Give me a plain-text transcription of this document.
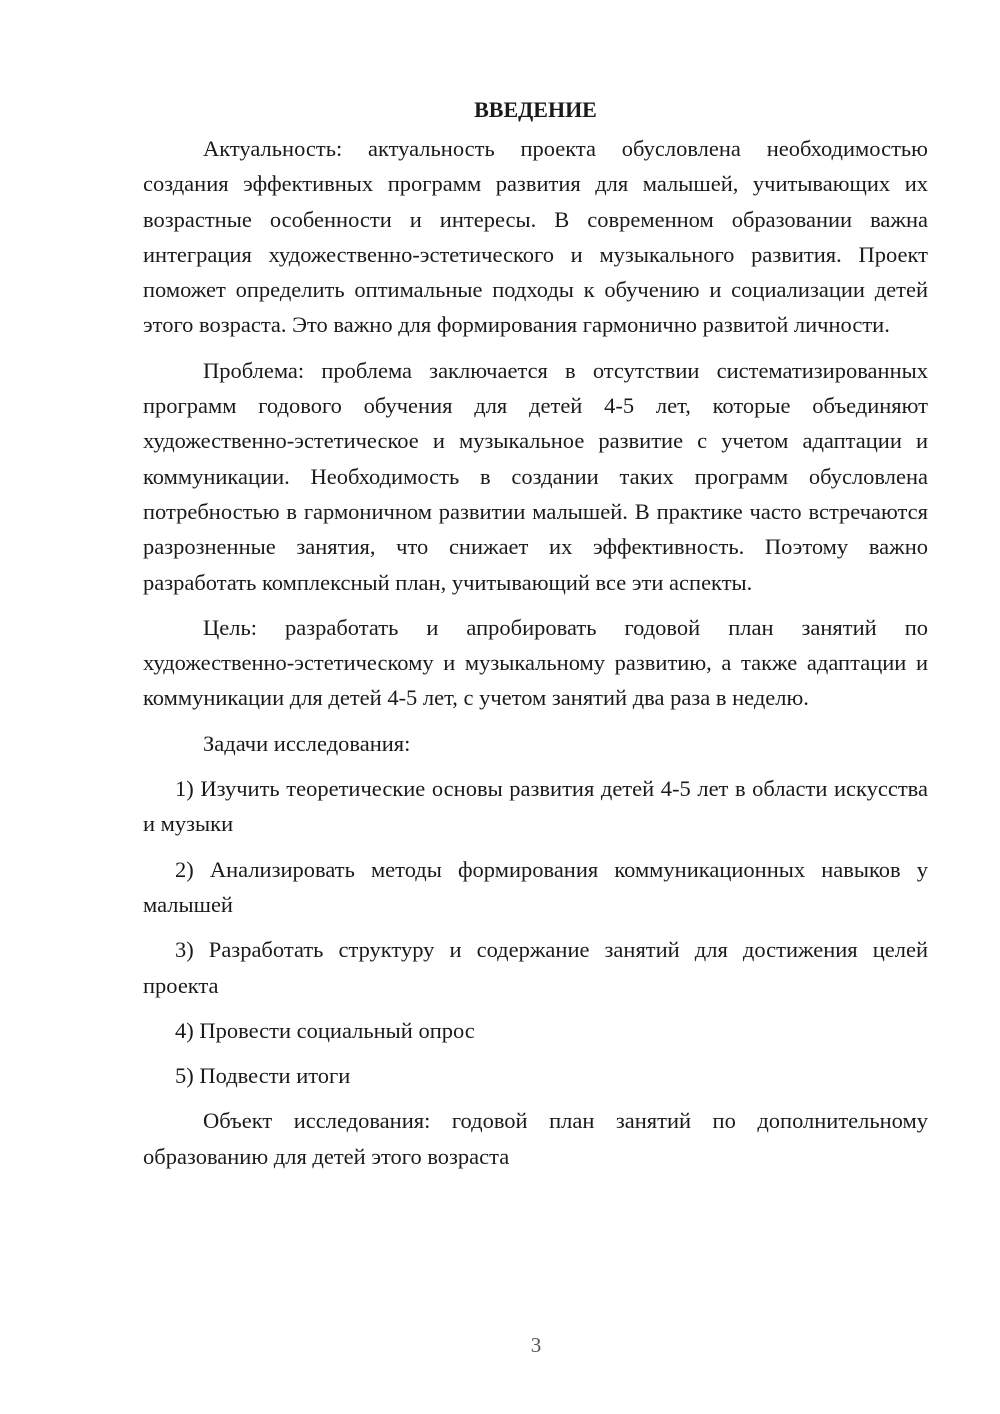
ВВЕДЕНИЕ

Актуальность: актуальность проекта обусловлена необходимостью создания эффективных программ развития для малышей, учитывающих их возрастные особенности и интересы. В современном образовании важна интеграция художественно-эстетического и музыкального развития. Проект поможет определить оптимальные подходы к обучению и социализации детей этого возраста. Это важно для формирования гармонично развитой личности.

Проблема: проблема заключается в отсутствии систематизированных программ годового обучения для детей 4-5 лет, которые объединяют художественно-эстетическое и музыкальное развитие с учетом адаптации и коммуникации. Необходимость в создании таких программ обусловлена потребностью в гармоничном развитии малышей. В практике часто встречаются разрозненные занятия, что снижает их эффективность. Поэтому важно разработать комплексный план, учитывающий все эти аспекты.

Цель: разработать и апробировать годовой план занятий по художественно-эстетическому и музыкальному развитию, а также адаптации и коммуникации для детей 4-5 лет, с учетом занятий два раза в неделю.

Задачи исследования:

1) Изучить теоретические основы развития детей 4-5 лет в области искусства и музыки

2) Анализировать методы формирования коммуникационных навыков у малышей

3) Разработать структуру и содержание занятий для достижения целей проекта

4) Провести социальный опрос

5) Подвести итоги

Объект исследования: годовой план занятий по дополнительному образованию для детей этого возраста

3
